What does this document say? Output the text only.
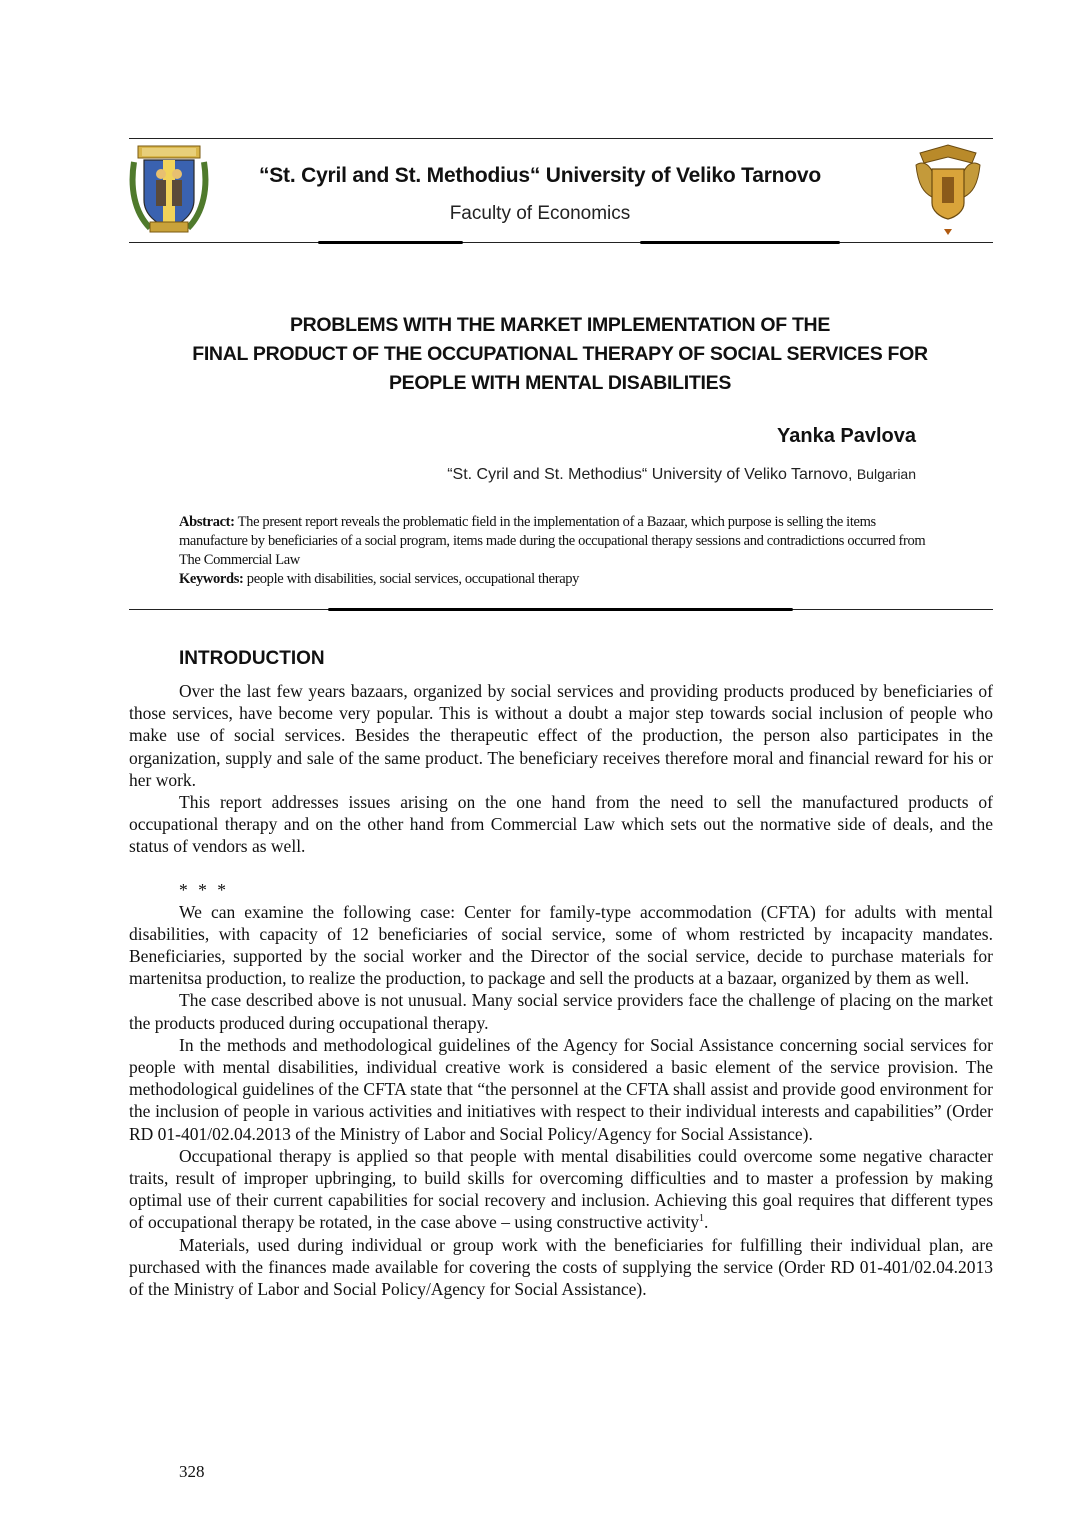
“St. Cyril and St. Methodius“ University of Veliko Tarnovo
Faculty of Economics
PROBLEMS WITH THE MARKET IMPLEMENTATION OF THE
FINAL PRODUCT OF THE OCCUPATIONAL THERAPY OF SOCIAL SERVICES FOR
PEOPLE WITH MENTAL DISABILITIES
Yanka Pavlova
“St. Cyril and St. Methodius“ University of Veliko Tarnovo, Bulgarian
Abstract: The present report reveals the problematic field in the implementation of a Bazaar, which purpose is selling the items manufacture by beneficiaries of a social program, items made during the occupational therapy sessions and contradictions occurred from The Commercial Law
Keywords: people with disabilities, social services, occupational therapy
INTRODUCTION

Over the last few years bazaars, organized by social services and providing products produced by beneficiaries of those services, have become very popular. This is without a doubt a major step towards social inclusion of people who make use of social services. Besides the therapeutic effect of the production, the person also participates in the organization, supply and sale of the same product. The beneficiary receives therefore moral and financial reward for his or her work.

This report addresses issues arising on the one hand from the need to sell the manufactured products of occupational therapy and on the other hand from Commercial Law which sets out the normative side of deals, and the status of vendors as well.

* * *

We can examine the following case: Center for family-type accommodation (CFTA) for adults with mental disabilities, with capacity of 12 beneficiaries of social service, some of whom restricted by incapacity mandates. Beneficiaries, supported by the social worker and the Director of the social service, decide to purchase materials for martenitsa production, to realize the production, to package and sell the products at a bazaar, organized by them as well.

The case described above is not unusual. Many social service providers face the challenge of placing on the market the products produced during occupational therapy.

In the methods and methodological guidelines of the Agency for Social Assistance concerning social services for people with mental disabilities, individual creative work is considered a basic element of the service provision. The methodological guidelines of the CFTA state that “the personnel at the CFTA shall assist and provide good environment for the inclusion of people in various activities and initiatives with respect to their individual interests and capabilities” (Order RD 01-401/02.04.2013 of the Ministry of Labor and Social Policy/Agency for Social Assistance).

Occupational therapy is applied so that people with mental disabilities could overcome some negative character traits, result of improper upbringing, to build skills for overcoming difficulties and to master a profession by making optimal use of their current capabilities for social recovery and inclusion. Achieving this goal requires that different types of occupational therapy be rotated, in the case above – using constructive activity$^1$.

Materials, used during individual or group work with the beneficiaries for fulfilling their individual plan, are purchased with the finances made available for covering the costs of supplying the service (Order RD 01-401/02.04.2013 of the Ministry of Labor and Social Policy/Agency for Social Assistance).

328
